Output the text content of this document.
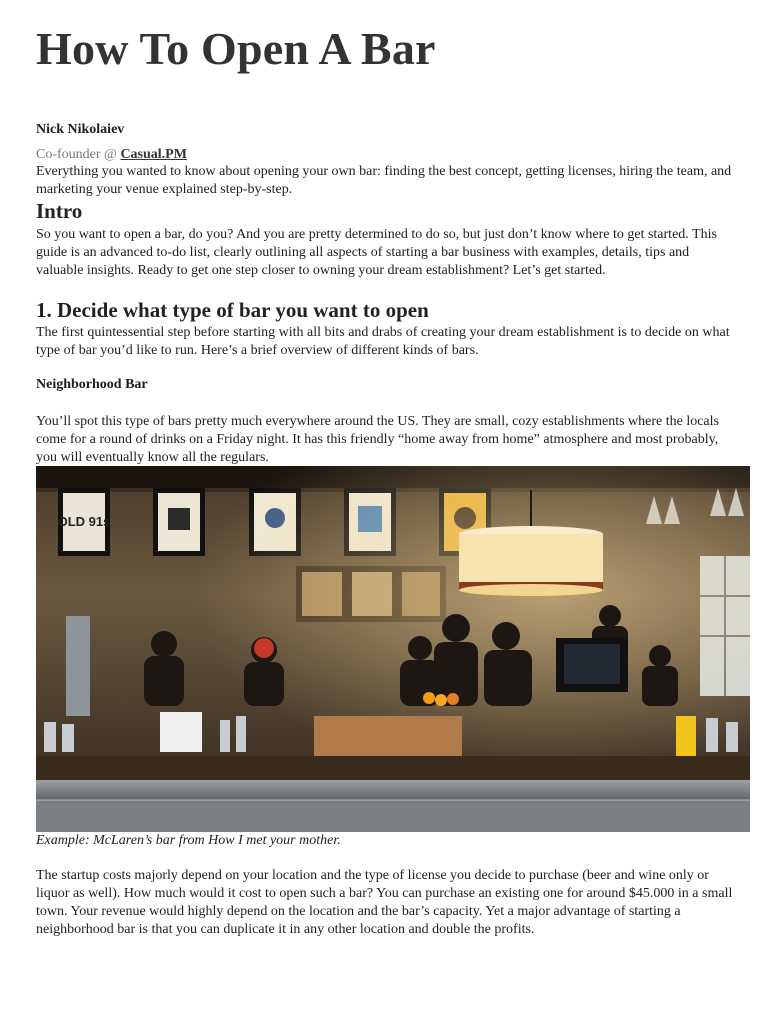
How To Open A Bar

Nick Nikolaiev

Co-founder @ Casual.PM

Everything you wanted to know about opening your own bar: finding the best concept, getting licenses, hiring the team, and marketing your venue explained step-by-step.

Intro

So you want to open a bar, do you? And you are pretty determined to do so, but just don’t know where to get started. This guide is an advanced to-do list, clearly outlining all aspects of starting a bar business with examples, details, tips and valuable insights. Ready to get one step closer to owning your dream establishment? Let’s get started.

1. Decide what type of bar you want to open

The first quintessential step before starting with all bits and drabs of creating your dream establishment is to decide on what type of bar you’d like to run. Here’s a brief overview of different kinds of bars.

Neighborhood Bar

You’ll spot this type of bars pretty much everywhere around the US. They are small, cozy establishments where the locals come for a round of drinks on a Friday night. It has this friendly “home away from home” atmosphere and most probably, you will eventually know all the regulars.

Example: McLaren’s bar from How I met your mother.

The startup costs majorly depend on your location and the type of license you decide to purchase (beer and wine only or liquor as well). How much would it cost to open such a bar? You can purchase an existing one for around $45.000 in a small town. Your revenue would highly depend on the location and the bar’s capacity. Yet a major advantage of starting a neighborhood bar is that you can duplicate it in any other location and double the profits.
